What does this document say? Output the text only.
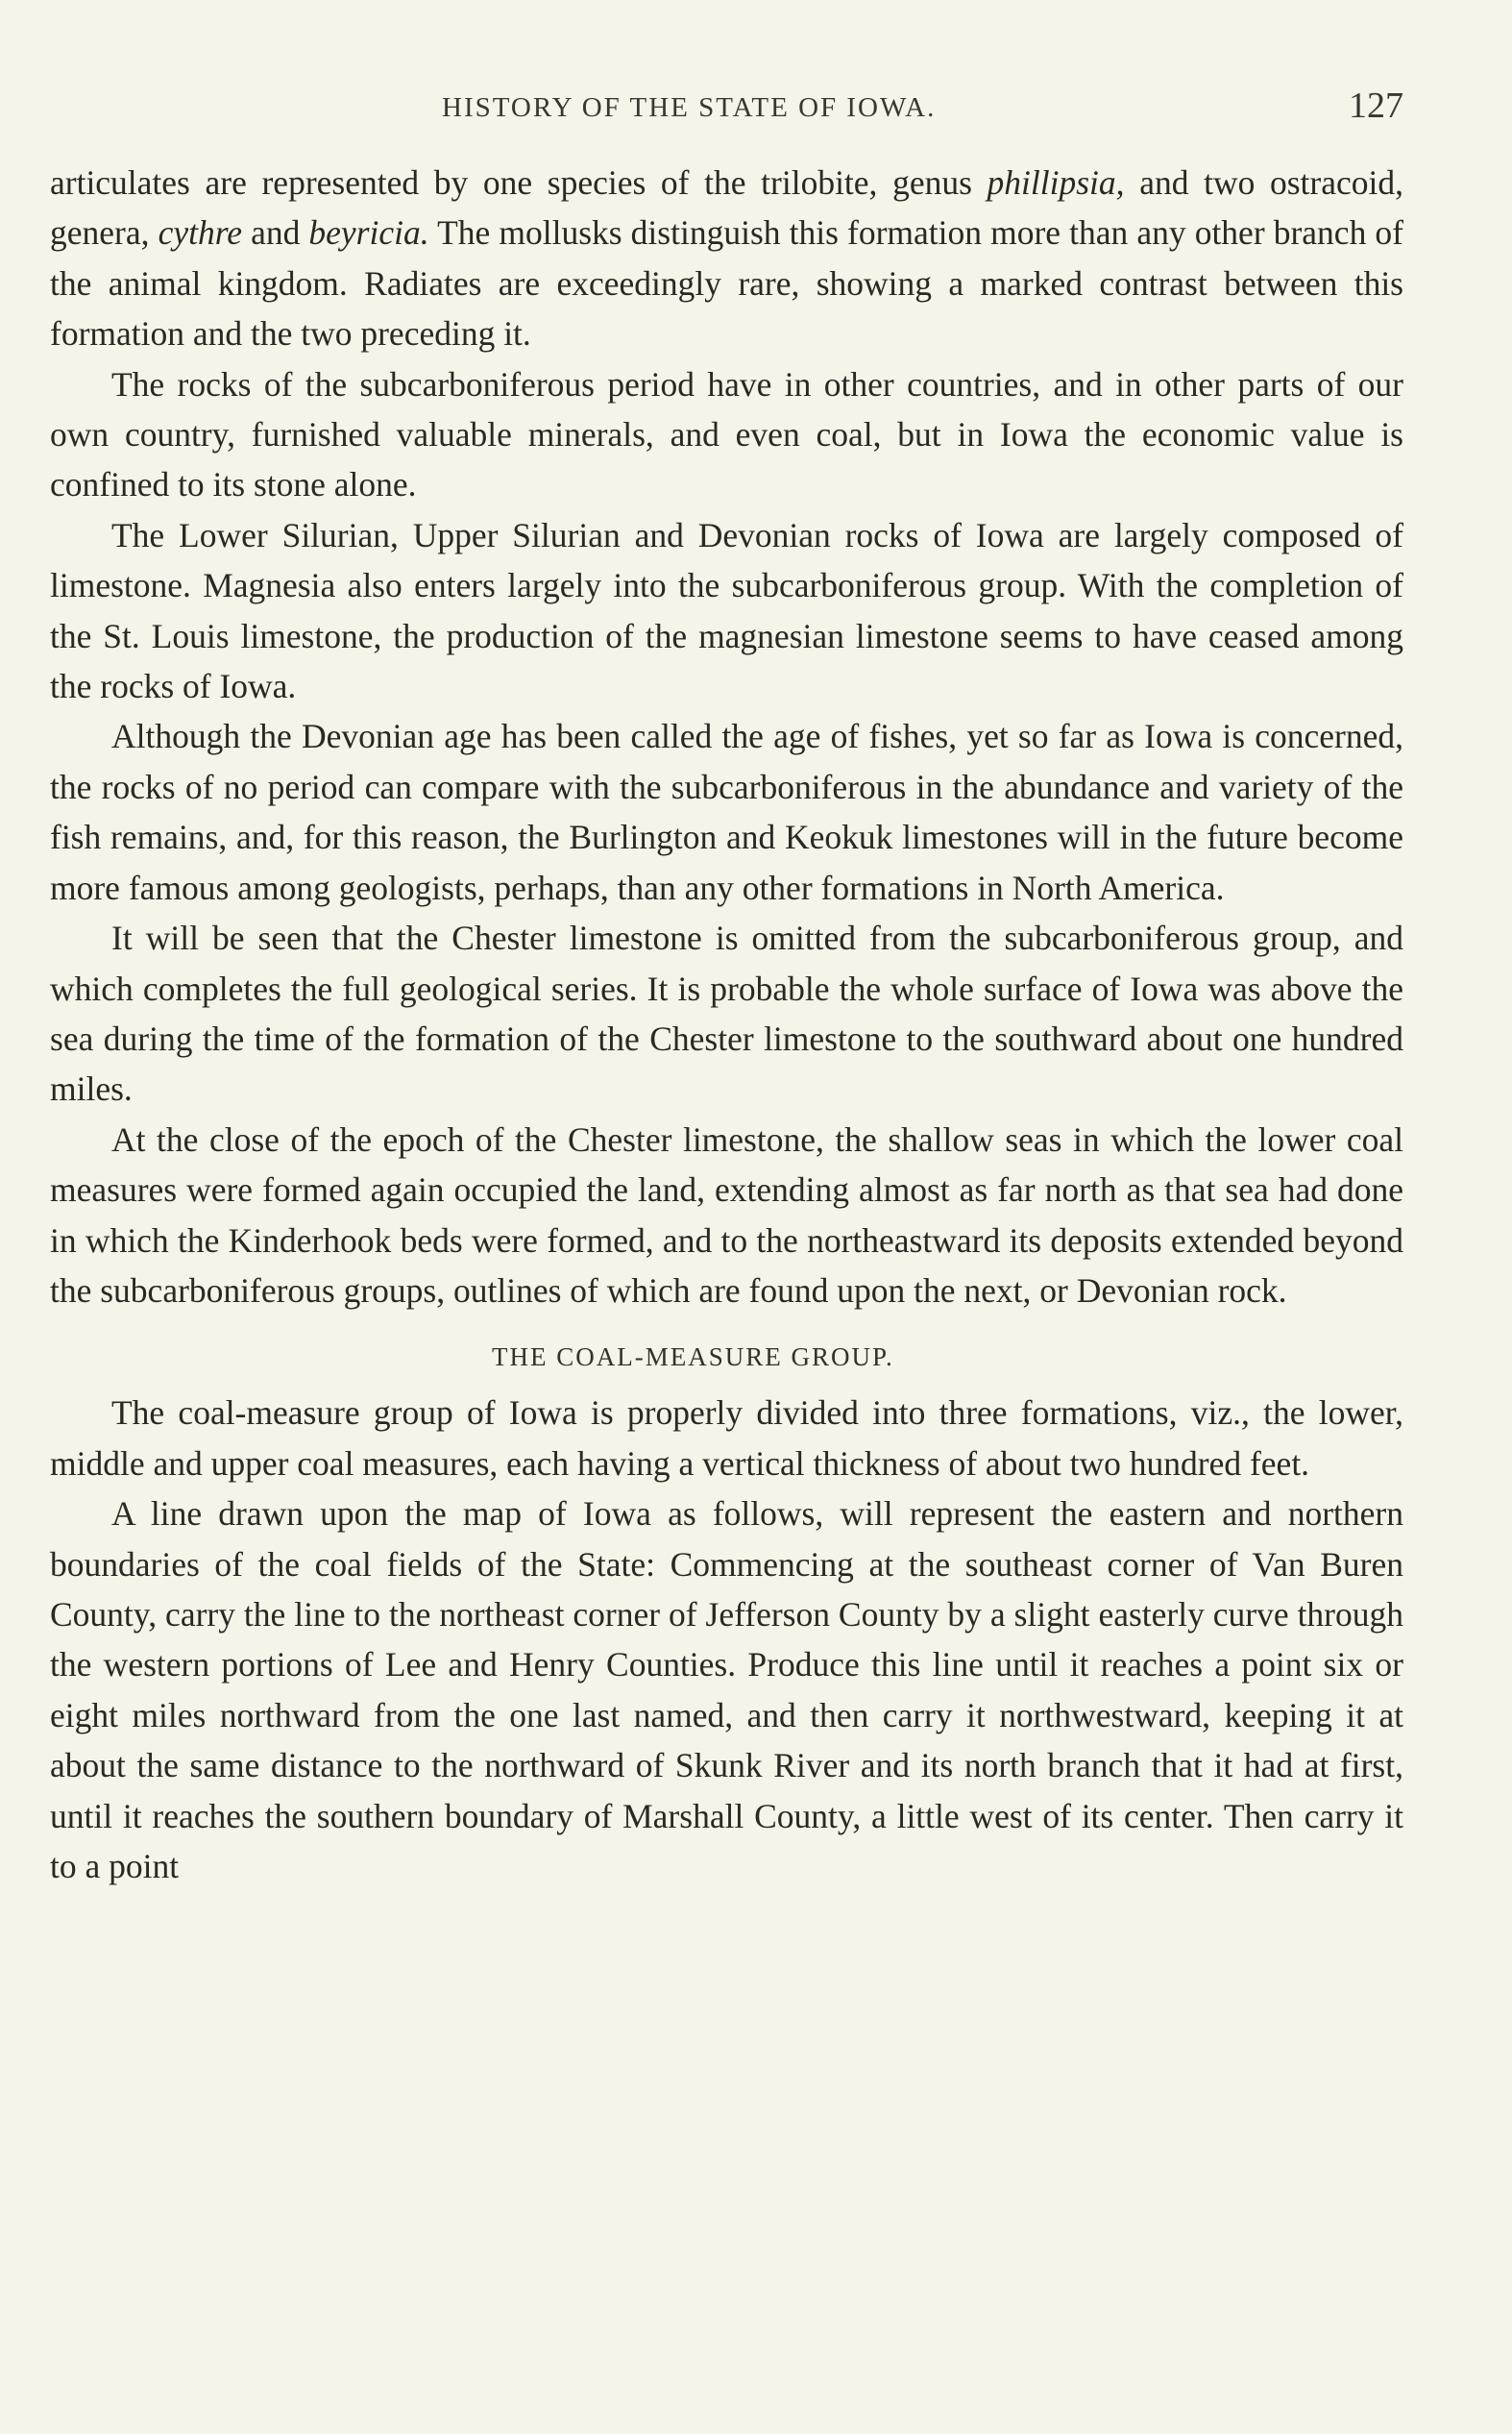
HISTORY OF THE STATE OF IOWA.	127

articulates are represented by one species of the trilobite, genus phillipsia, and two ostracoid, genera, cythre and beyricia. The mollusks distinguish this formation more than any other branch of the animal kingdom. Radiates are exceedingly rare, showing a marked contrast between this formation and the two preceding it.

The rocks of the subcarboniferous period have in other countries, and in other parts of our own country, furnished valuable minerals, and even coal, but in Iowa the economic value is confined to its stone alone.

The Lower Silurian, Upper Silurian and Devonian rocks of Iowa are largely composed of limestone. Magnesia also enters largely into the subcarboniferous group. With the completion of the St. Louis limestone, the production of the magnesian limestone seems to have ceased among the rocks of Iowa.

Although the Devonian age has been called the age of fishes, yet so far as Iowa is concerned, the rocks of no period can compare with the subcarboniferous in the abundance and variety of the fish remains, and, for this reason, the Burlington and Keokuk limestones will in the future become more famous among geologists, perhaps, than any other formations in North America.

It will be seen that the Chester limestone is omitted from the subcarboniferous group, and which completes the full geological series. It is probable the whole surface of Iowa was above the sea during the time of the formation of the Chester limestone to the southward about one hundred miles.

At the close of the epoch of the Chester limestone, the shallow seas in which the lower coal measures were formed again occupied the land, extending almost as far north as that sea had done in which the Kinderhook beds were formed, and to the northeastward its deposits extended beyond the subcarboniferous groups, outlines of which are found upon the next, or Devonian rock.

THE COAL-MEASURE GROUP.

The coal-measure group of Iowa is properly divided into three formations, viz., the lower, middle and upper coal measures, each having a vertical thickness of about two hundred feet.

A line drawn upon the map of Iowa as follows, will represent the eastern and northern boundaries of the coal fields of the State: Commencing at the southeast corner of Van Buren County, carry the line to the northeast corner of Jefferson County by a slight easterly curve through the western portions of Lee and Henry Counties. Produce this line until it reaches a point six or eight miles northward from the one last named, and then carry it northwestward, keeping it at about the same distance to the northward of Skunk River and its north branch that it had at first, until it reaches the southern boundary of Marshall County, a little west of its center. Then carry it to a point
